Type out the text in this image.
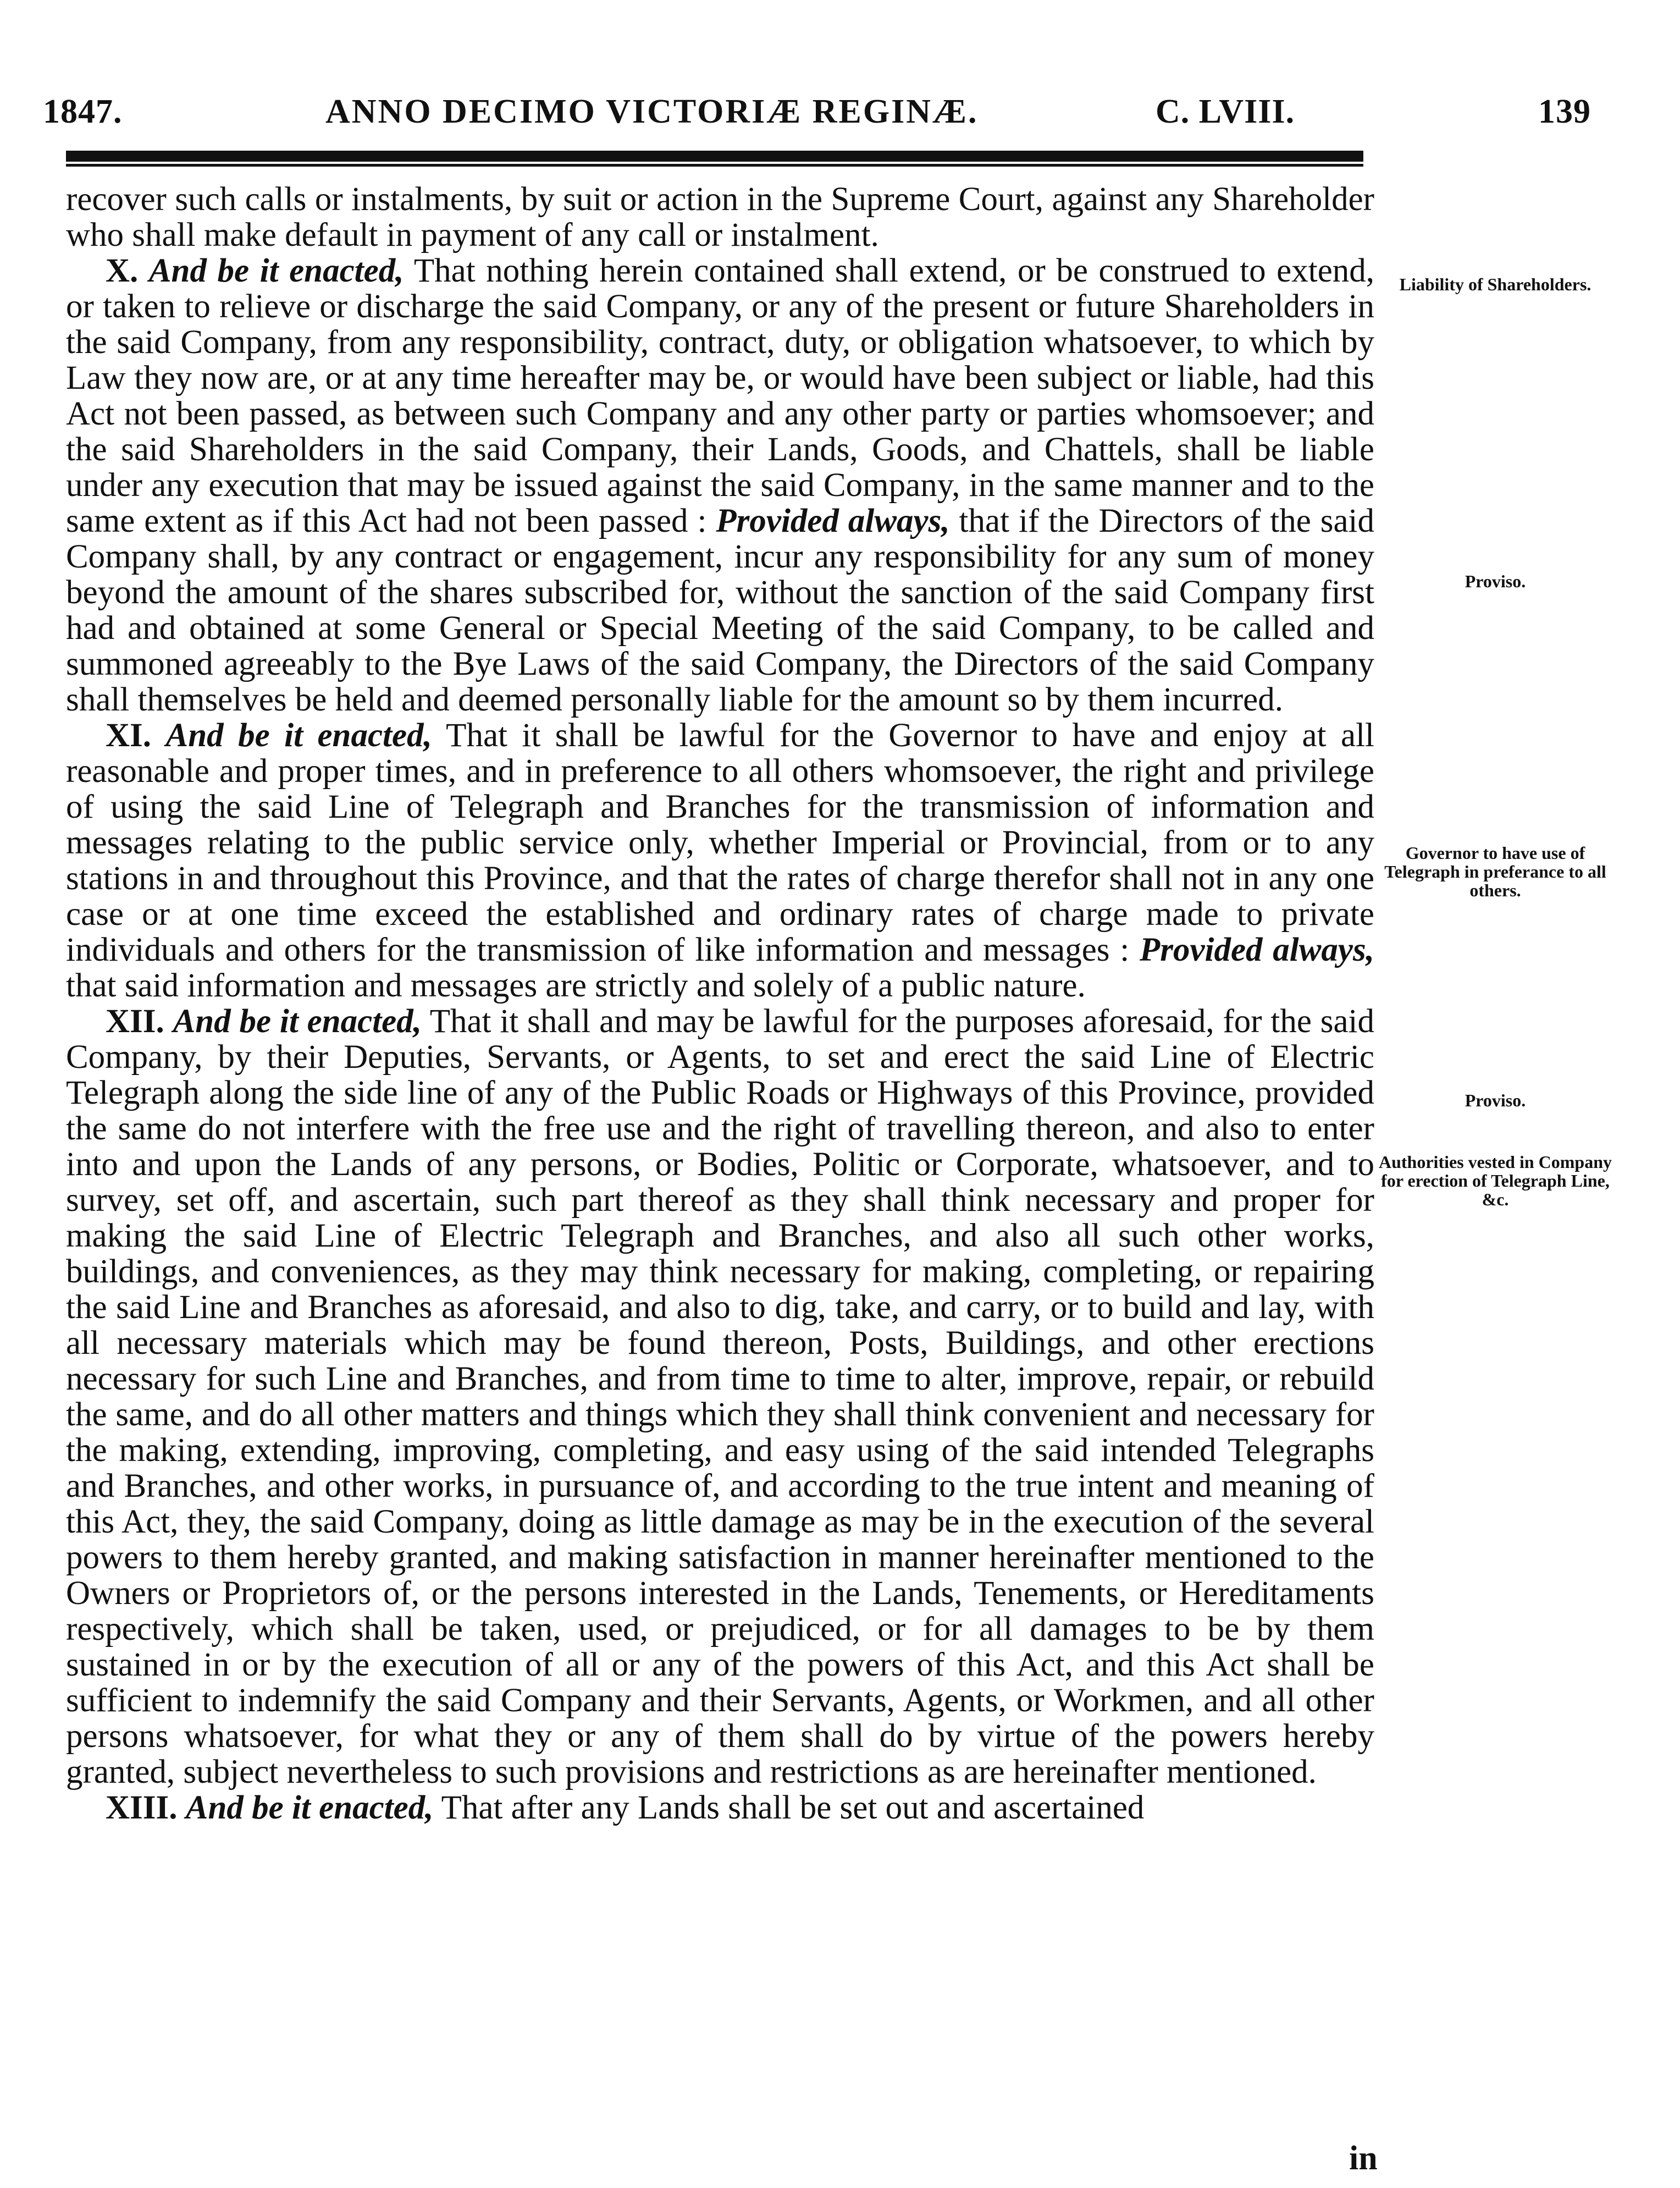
1847.	ANNO DECIMO VICTORIÆ REGINÆ.	C. LVIII.	139

recover such calls or instalments, by suit or action in the Supreme Court, against any Shareholder who shall make default in payment of any call or instalment.

X. And be it enacted, That nothing herein contained shall extend, or be construed to extend, or taken to relieve or discharge the said Company, or any of the present or future Shareholders in the said Company, from any responsibility, contract, duty, or obligation whatsoever, to which by Law they now are, or at any time hereafter may be, or would have been subject or liable, had this Act not been passed, as between such Company and any other party or parties whomsoever; and the said Shareholders in the said Company, their Lands, Goods, and Chattels, shall be liable under any execution that may be issued against the said Company, in the same manner and to the same extent as if this Act had not been passed : Provided always, that if the Directors of the said Company shall, by any contract or engagement, incur any responsibility for any sum of money beyond the amount of the shares subscribed for, without the sanction of the said Company first had and obtained at some General or Special Meeting of the said Company, to be called and summoned agreeably to the Bye Laws of the said Company, the Directors of the said Company shall themselves be held and deemed personally liable for the amount so by them incurred.

XI. And be it enacted, That it shall be lawful for the Governor to have and enjoy at all reasonable and proper times, and in preference to all others whomsoever, the right and privilege of using the said Line of Telegraph and Branches for the transmission of information and messages relating to the public service only, whether Imperial or Provincial, from or to any stations in and throughout this Province, and that the rates of charge therefor shall not in any one case or at one time exceed the established and ordinary rates of charge made to private individuals and others for the transmission of like information and messages : Provided always, that said information and messages are strictly and solely of a public nature.

XII. And be it enacted, That it shall and may be lawful for the purposes aforesaid, for the said Company, by their Deputies, Servants, or Agents, to set and erect the said Line of Electric Telegraph along the side line of any of the Public Roads or Highways of this Province, provided the same do not interfere with the free use and the right of travelling thereon, and also to enter into and upon the Lands of any persons, or Bodies, Politic or Corporate, whatsoever, and to survey, set off, and ascertain, such part thereof as they shall think necessary and proper for making the said Line of Electric Telegraph and Branches, and also all such other works, buildings, and conveniences, as they may think necessary for making, completing, or repairing the said Line and Branches as aforesaid, and also to dig, take, and carry, or to build and lay, with all necessary materials which may be found thereon, Posts, Buildings, and other erections necessary for such Line and Branches, and from time to time to alter, improve, repair, or rebuild the same, and do all other matters and things which they shall think convenient and necessary for the making, extending, improving, completing, and easy using of the said intended Telegraphs and Branches, and other works, in pursuance of, and according to the true intent and meaning of this Act, they, the said Company, doing as little damage as may be in the execution of the several powers to them hereby granted, and making satisfaction in manner hereinafter mentioned to the Owners or Proprietors of, or the persons interested in the Lands, Tenements, or Hereditaments respectively, which shall be taken, used, or prejudiced, or for all damages to be by them sustained in or by the execution of all or any of the powers of this Act, and this Act shall be sufficient to indemnify the said Company and their Servants, Agents, or Workmen, and all other persons whatsoever, for what they or any of them shall do by virtue of the powers hereby granted, subject nevertheless to such provisions and restrictions as are hereinafter mentioned.

XIII. And be it enacted, That after any Lands shall be set out and ascertained

Liability of Shareholders.
Proviso.
Governor to have use of Telegraph in preferance to all others.
Proviso.
Authorities vested in Company for erection of Telegraph Line, &c.
in
